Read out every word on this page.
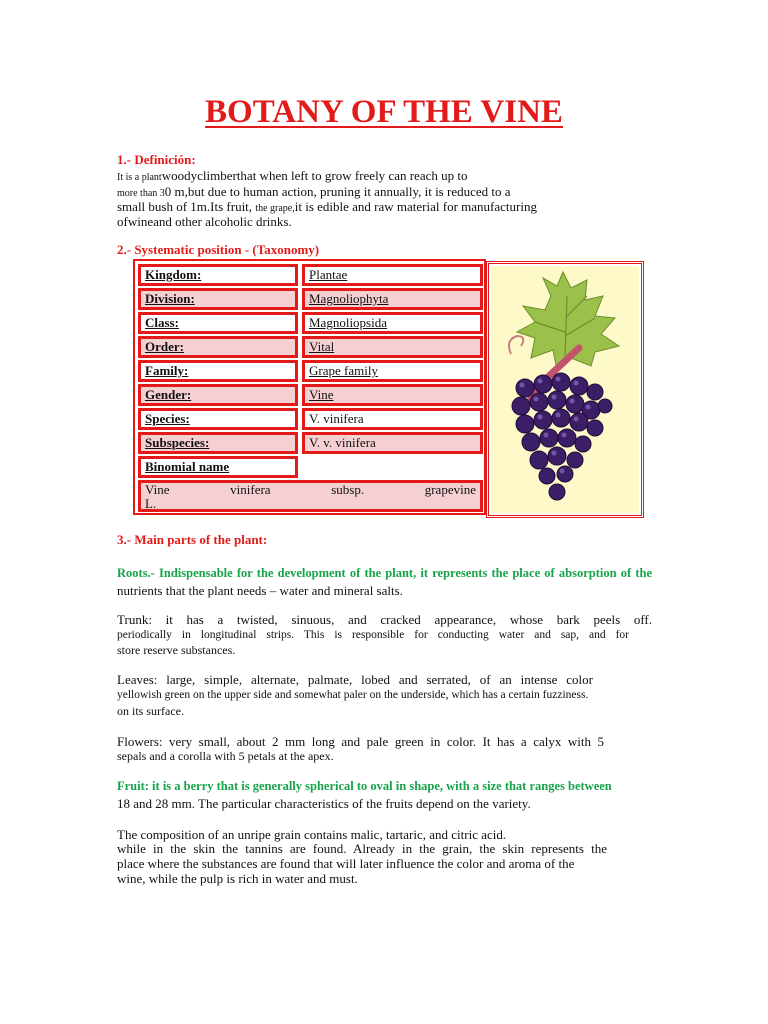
BOTANY OF THE VINE

1.- Definición:

It is a plantwoodyclimberthat when left to grow freely can reach up to

more than 30 m,but due to human action, pruning it annually, it is reduced to a

small bush of 1m.Its fruit, the grape,it is edible and raw material for manufacturing

ofwineand other alcoholic drinks.

2.- Systematic position - (Taxonomy)

Kingdom:	Plantae
Division:	Magnoliophyta
Class:	Magnoliopsida
Order:	Vital
Family:	Grape family
Gender:	Vine
Species:	V. vinifera
Subspecies:	V. v. vinifera
Binomial name
Vine	vinifera	subsp.	grapevine
L.

3.- Main parts of the plant:

Roots.- Indispensable for the development of the plant, it represents the place of absorption of the

nutrients that the plant needs – water and mineral salts.

Trunk: it has a twisted, sinuous, and cracked appearance, whose bark peels off.

periodically in longitudinal strips. This is responsible for conducting water and sap, and for

store reserve substances.

Leaves: large, simple, alternate, palmate, lobed and serrated, of an intense color

yellowish green on the upper side and somewhat paler on the underside, which has a certain fuzziness.

on its surface.

Flowers: very small, about 2 mm long and pale green in color. It has a calyx with 5

sepals and a corolla with 5 petals at the apex.

Fruit: it is a berry that is generally spherical to oval in shape, with a size that ranges between

18 and 28 mm. The particular characteristics of the fruits depend on the variety.

The composition of an unripe grain contains malic, tartaric, and citric acid.

while in the skin the tannins are found. Already in the grain, the skin represents the

place where the substances are found that will later influence the color and aroma of the

wine, while the pulp is rich in water and must.
